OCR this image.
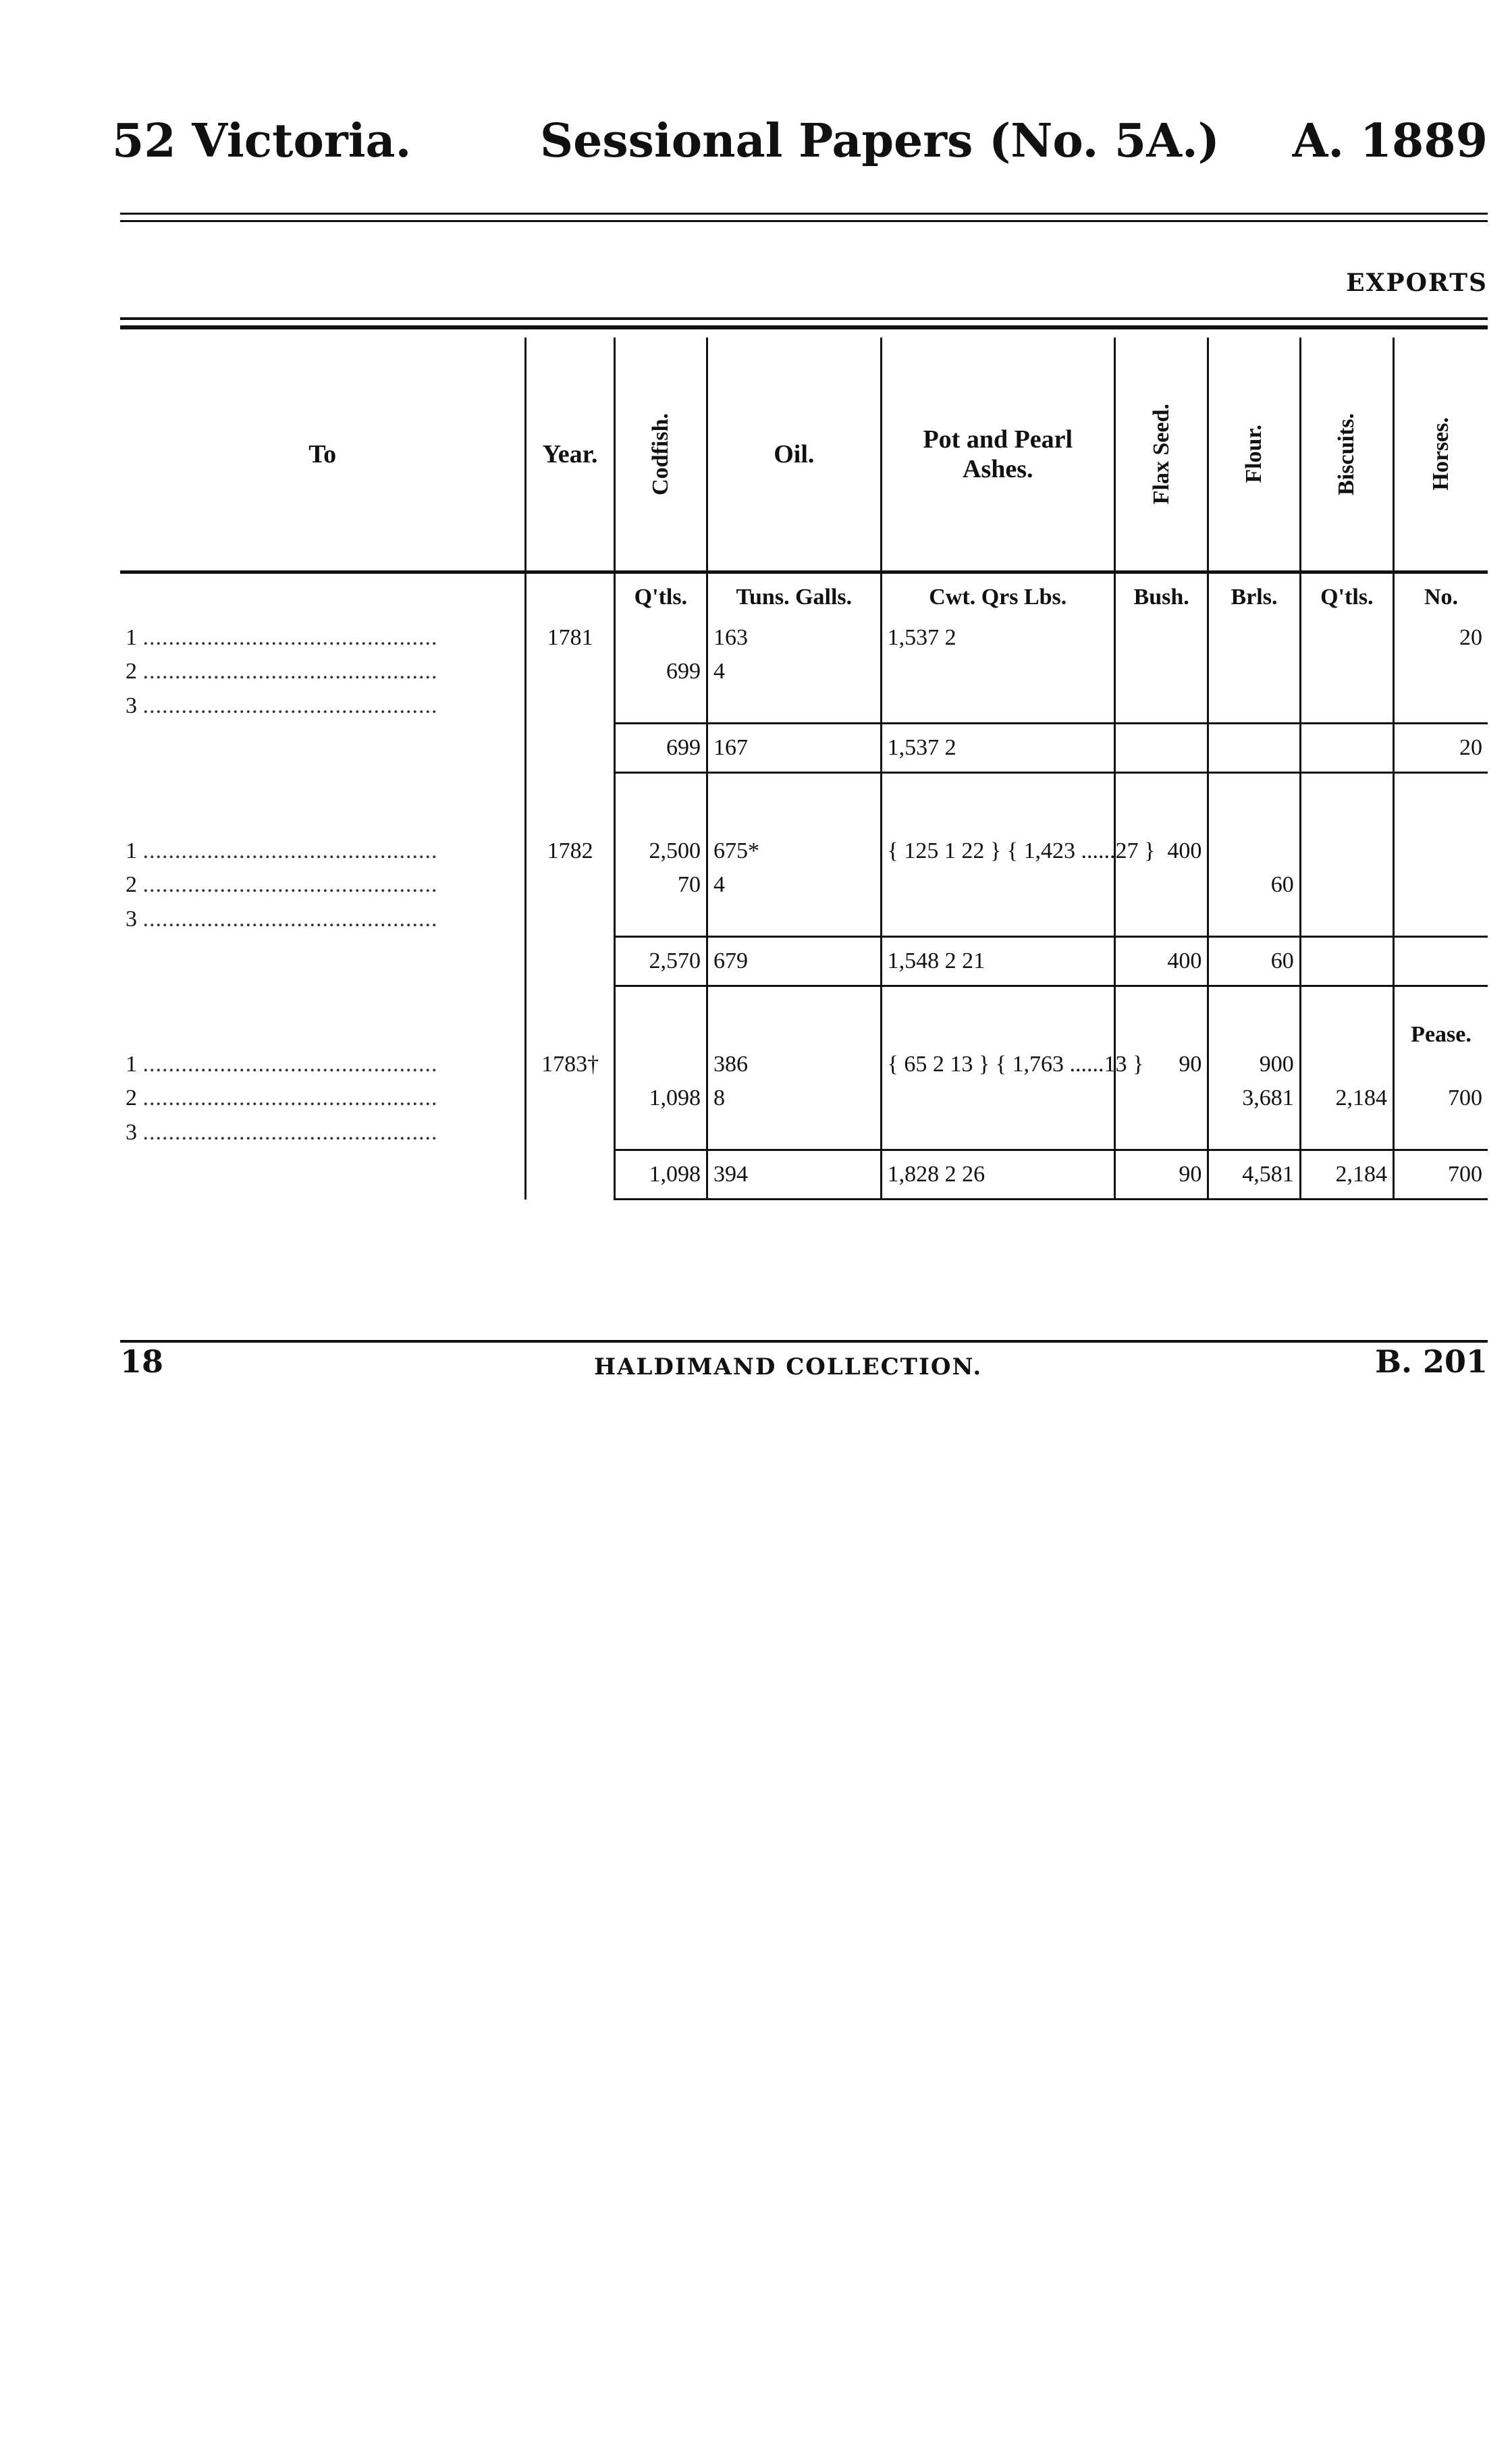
52 Victoria.	Sessional Papers (No. 5A.) A. 1889
EXPORTS
To	Year.	Codfish.	Oil.	Pot and Pearl Ashes.	Flax Seed.	Flour.	Biscuits.	Horses.
		Q'tls.	Tuns. Galls.	Cwt. Qrs Lbs.	Bush.	Brls.	Q'tls.	No.
1 ..............................................	1781		163	1,537 2				20
2 ..............................................		699	4					
3 ..............................................								
		699	167	1,537 2				20

1 ..............................................	1782	2,500	675*	{ 125 1 22 } { 1,423 ......27 }	400			
2 ..............................................		70	4			60		
3 ..............................................								
		2,570	679	1,548 2 21	400	60		
								Pease.
1 ..............................................	1783†		386	{ 65 2 13 } { 1,763 ......13 }	90	900		
2 ..............................................		1,098	8			3,681	2,184	700
3 ..............................................								
		1,098	394	1,828 2 26	90	4,581	2,184	700
18	HALDIMAND COLLECTION.	B. 201
